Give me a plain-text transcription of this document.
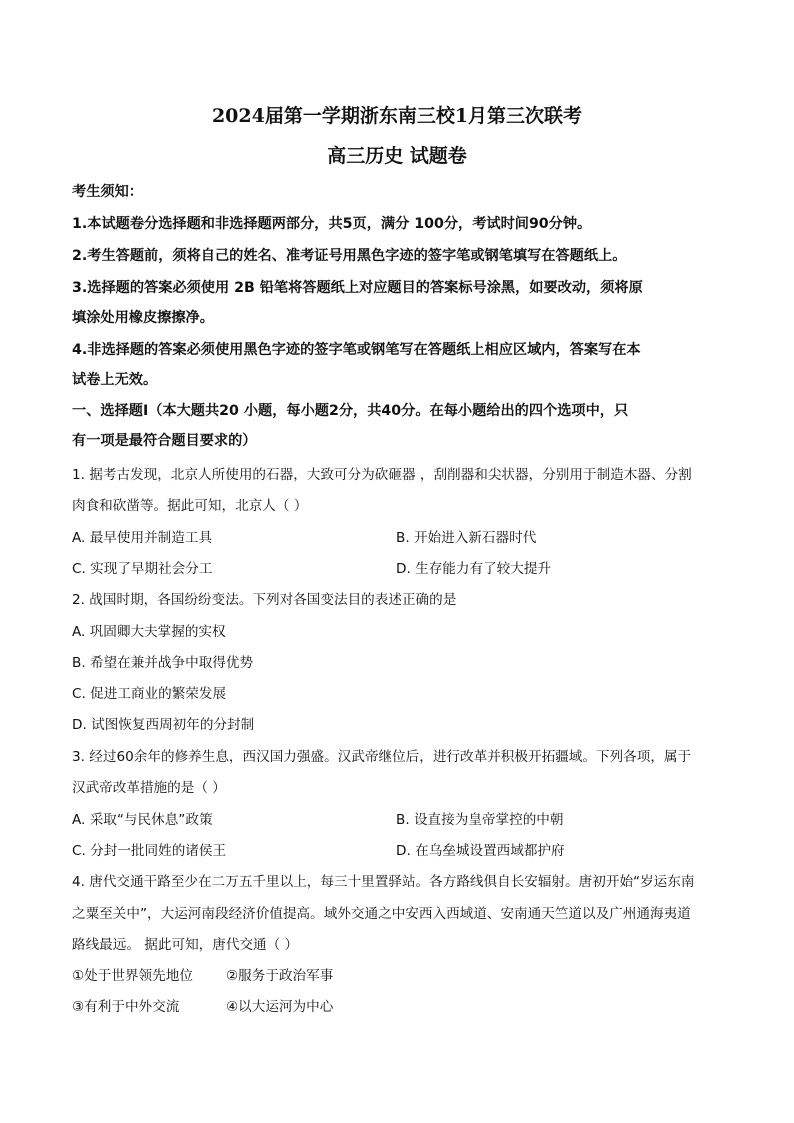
2024届第一学期浙东南三校1月第三次联考
高三历史 试题卷
考生须知：
1.本试题卷分选择题和非选择题两部分，共5页，满分 100分，考试时间90分钟。
2.考生答题前，须将自己的姓名、准考证号用黑色字迹的签字笔或钢笔填写在答题纸上。
3.选择题的答案必须使用 2B 铅笔将答题纸上对应题目的答案标号涂黑，如要改动，须将原
填涂处用橡皮擦擦净。
4.非选择题的答案必须使用黑色字迹的签字笔或钢笔写在答题纸上相应区域内，答案写在本
试卷上无效。
一、选择题Ⅰ（本大题共20 小题，每小题2分，共40分。在每小题给出的四个选项中，只
有一项是最符合题目要求的）
1. 据考古发现，北京人所使用的石器，大致可分为砍砸器 ，刮削器和尖状器，分别用于制造木器、分割
肉食和砍凿等。据此可知，北京人（ ）
A. 最早使用并制造工具	B. 开始进入新石器时代
C. 实现了早期社会分工	D. 生存能力有了较大提升
2. 战国时期，各国纷纷变法。下列对各国变法目的表述正确的是
A. 巩固卿大夫掌握的实权
B. 希望在兼并战争中取得优势
C. 促进工商业的繁荣发展
D. 试图恢复西周初年的分封制
3. 经过60余年的修养生息，西汉国力强盛。汉武帝继位后，进行改革并积极开拓疆域。下列各项，属于
汉武帝改革措施的是（ ）
A. 采取“与民休息”政策	B. 设直接为皇帝掌控的中朝
C. 分封一批同姓的诸侯王	D. 在乌垒城设置西域都护府
4. 唐代交通干路至少在二万五千里以上，每三十里置驿站。各方路线俱自长安辐射。唐初开始“岁运东南
之粟至关中”，大运河南段经济价值提高。域外交通之中安西入西域道、安南通天竺道以及广州通海夷道
路线最远。 据此可知，唐代交通（ ）
①处于世界领先地位 ②服务于政治军事
③有利于中外交流	④以大运河为中心
